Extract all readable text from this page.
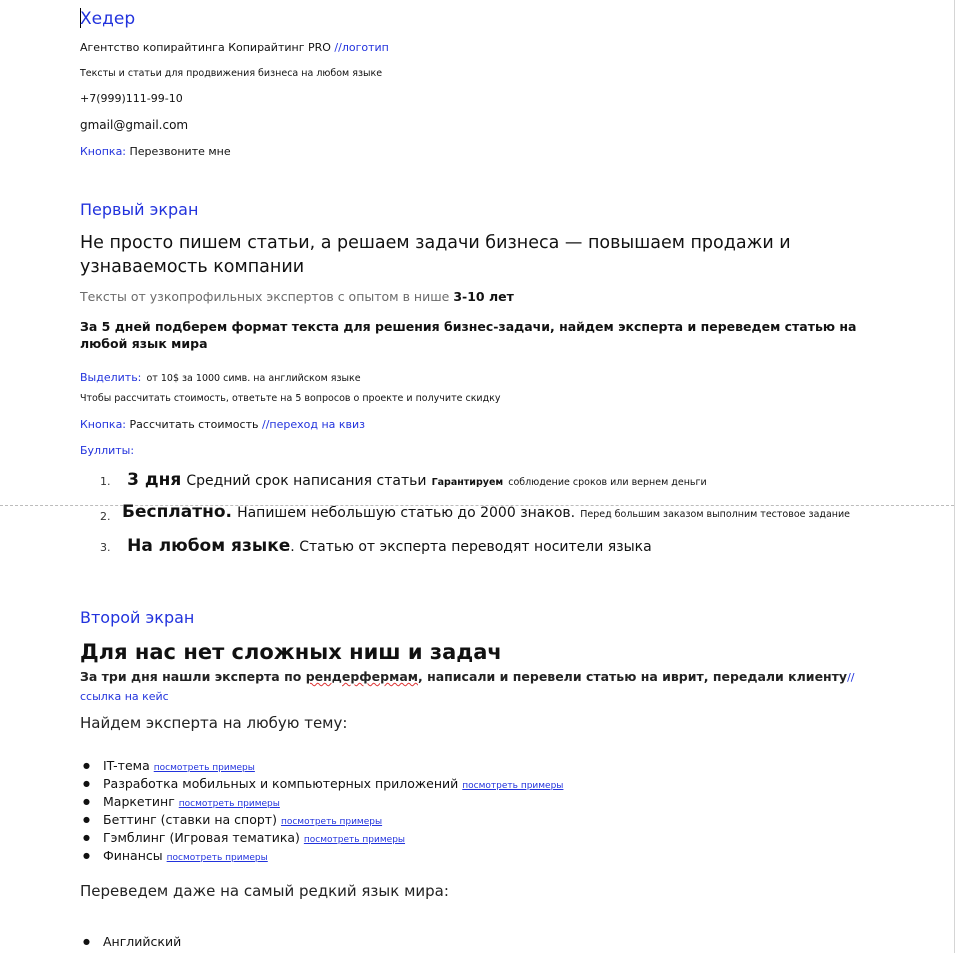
Хедер
Агентство копирайтинга Копирайтинг PRO //логотип
Тексты и статьи для продвижения бизнеса на любом языке
+7(999)111-99-10
gmail@gmail.com
Кнопка: Перезвоните мне
Первый экран
Не просто пишем статьи, а решаем задачи бизнеса — повышаем продажи и узнаваемость компании
Тексты от узкопрофильных экспертов с опытом в нише 3-10 лет
За 5 дней подберем формат текста для решения бизнес-задачи, найдем эксперта и переведем статью на любой язык мира
Выделить: от 10$ за 1000 симв. на английском языке
Чтобы рассчитать стоимость, ответьте на 5 вопросов о проекте и получите скидку
Кнопка: Рассчитать стоимость //переход на квиз
Буллиты:
1. 3 дня Средний срок написания статьи Гарантируем соблюдение сроков или вернем деньги
2. Бесплатно. Напишем небольшую статью до 2000 знаков. Перед большим заказом выполним тестовое задание
3. На любом языке. Статью от эксперта переводят носители языка
Второй экран
Для нас нет сложных ниш и задач
За три дня нашли эксперта по рендерфермам, написали и перевели статью на иврит, передали клиенту//ссылка на кейс
Найдем эксперта на любую тему:
● IT-тема посмотреть примеры
● Разработка мобильных и компьютерных приложений посмотреть примеры
● Маркетинг посмотреть примеры
● Беттинг (ставки на спорт) посмотреть примеры
● Гэмблинг (Игровая тематика) посмотреть примеры
● Финансы посмотреть примеры
Переведем даже на самый редкий язык мира:
● Английский
